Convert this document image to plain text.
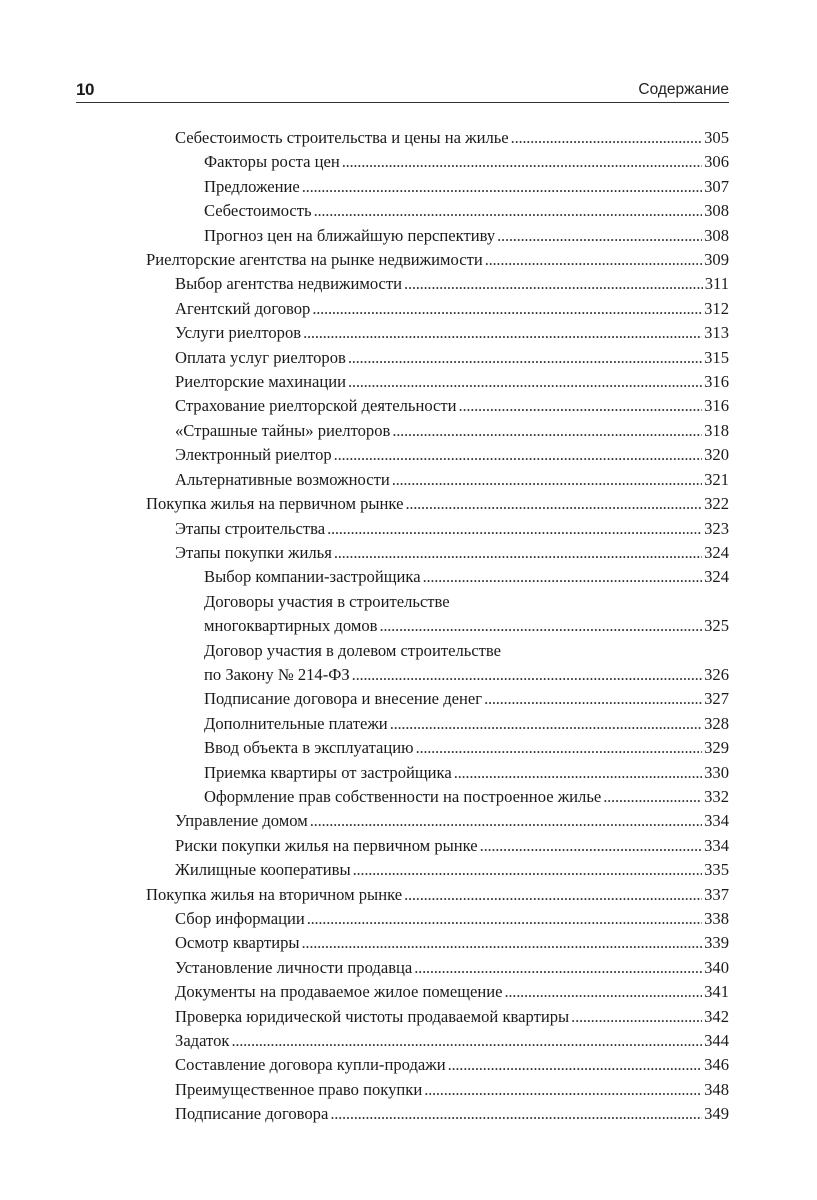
10	Содержание
Себестоимость строительства и цены на жилье . . .	305
Факторы роста цен . . .	306
Предложение . . .	307
Себестоимость . . .	308
Прогноз цен на ближайшую перспективу . . .	308
Риелторские агентства на рынке недвижимости . . .	309
Выбор агентства недвижимости . . .	311
Агентский договор . . .	312
Услуги риелторов . . .	313
Оплата услуг риелторов . . .	315
Риелторские махинации . . .	316
Страхование риелторской деятельности . . .	316
«Страшные тайны» риелторов . . .	318
Электронный риелтор . . .	320
Альтернативные возможности . . .	321
Покупка жилья на первичном рынке . . .	322
Этапы строительства . . .	323
Этапы покупки жилья . . .	324
Выбор компании-застройщика . . .	324
Договоры участия в строительстве
многоквартирных домов . . .	325
Договор участия в долевом строительстве
по Закону № 214-ФЗ . . .	326
Подписание договора и внесение денег . . .	327
Дополнительные платежи . . .	328
Ввод объекта в эксплуатацию . . .	329
Приемка квартиры от застройщика . . .	330
Оформление прав собственности на построенное жилье . . .	332
Управление домом . . .	334
Риски покупки жилья на первичном рынке . . .	334
Жилищные кооперативы . . .	335
Покупка жилья на вторичном рынке . . .	337
Сбор информации . . .	338
Осмотр квартиры . . .	339
Установление личности продавца . . .	340
Документы на продаваемое жилое помещение . . .	341
Проверка юридической чистоты продаваемой квартиры . . .	342
Задаток . . .	344
Составление договора купли-продажи . . .	346
Преимущественное право покупки . . .	348
Подписание договора . . .	349
